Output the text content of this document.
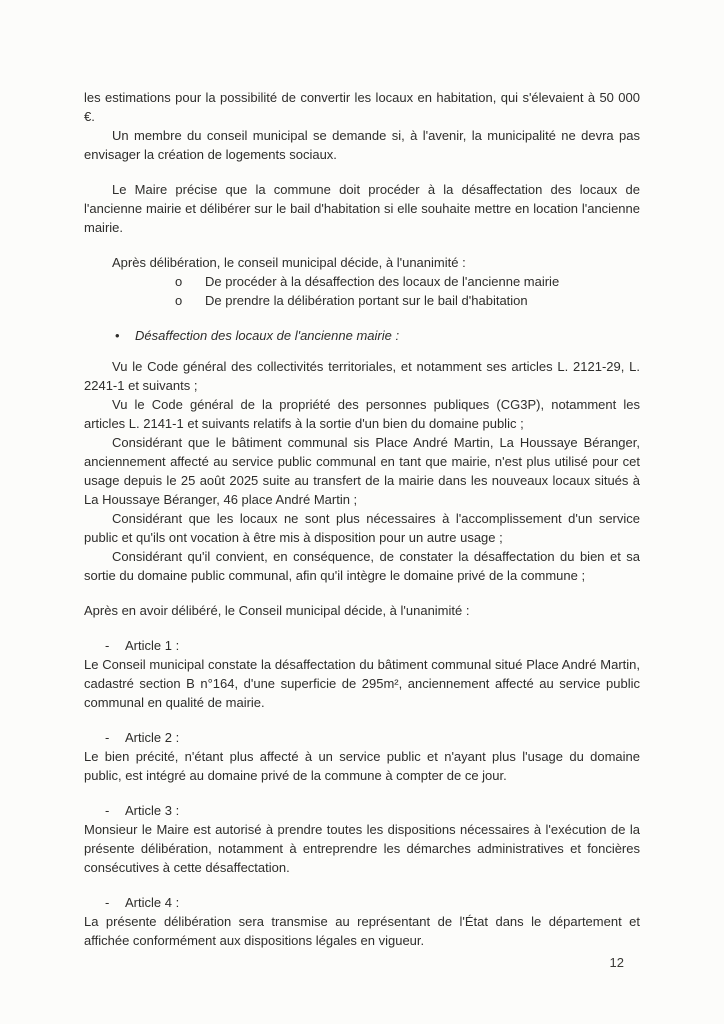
les estimations pour la possibilité de convertir les locaux en habitation, qui s'élevaient à 50 000 €.

Un membre du conseil municipal se demande si, à l'avenir, la municipalité ne devra pas envisager la création de logements sociaux.

Le Maire précise que la commune doit procéder à la désaffectation des locaux de l'ancienne mairie et délibérer sur le bail d'habitation si elle souhaite mettre en location l'ancienne mairie.

Après délibération, le conseil municipal décide, à l'unanimité :

o	De procéder à la désaffection des locaux de l'ancienne mairie
o	De prendre la délibération portant sur le bail d'habitation
•	Désaffection des locaux de l'ancienne mairie :

Vu le Code général des collectivités territoriales, et notamment ses articles L. 2121-29, L. 2241-1 et suivants ;

Vu le Code général de la propriété des personnes publiques (CG3P), notamment les articles L. 2141-1 et suivants relatifs à la sortie d'un bien du domaine public ;

Considérant que le bâtiment communal sis Place André Martin, La Houssaye Béranger, anciennement affecté au service public communal en tant que mairie, n'est plus utilisé pour cet usage depuis le 25 août 2025 suite au transfert de la mairie dans les nouveaux locaux situés à La Houssaye Béranger, 46 place André Martin ;

Considérant que les locaux ne sont plus nécessaires à l'accomplissement d'un service public et qu'ils ont vocation à être mis à disposition pour un autre usage ;

Considérant qu'il convient, en conséquence, de constater la désaffectation du bien et sa sortie du domaine public communal, afin qu'il intègre le domaine privé de la commune ;

Après en avoir délibéré, le Conseil municipal décide, à l'unanimité :

-	Article 1 :

Le Conseil municipal constate la désaffectation du bâtiment communal situé Place André Martin, cadastré section B n°164, d'une superficie de 295m², anciennement affecté au service public communal en qualité de mairie.

-	Article 2 :

Le bien précité, n'étant plus affecté à un service public et n'ayant plus l'usage du domaine public, est intégré au domaine privé de la commune à compter de ce jour.

-	Article 3 :

Monsieur le Maire est autorisé à prendre toutes les dispositions nécessaires à l'exécution de la présente délibération, notamment à entreprendre les démarches administratives et foncières consécutives à cette désaffectation.

-	Article 4 :

La présente délibération sera transmise au représentant de l'État dans le département et affichée conformément aux dispositions légales en vigueur.

12
